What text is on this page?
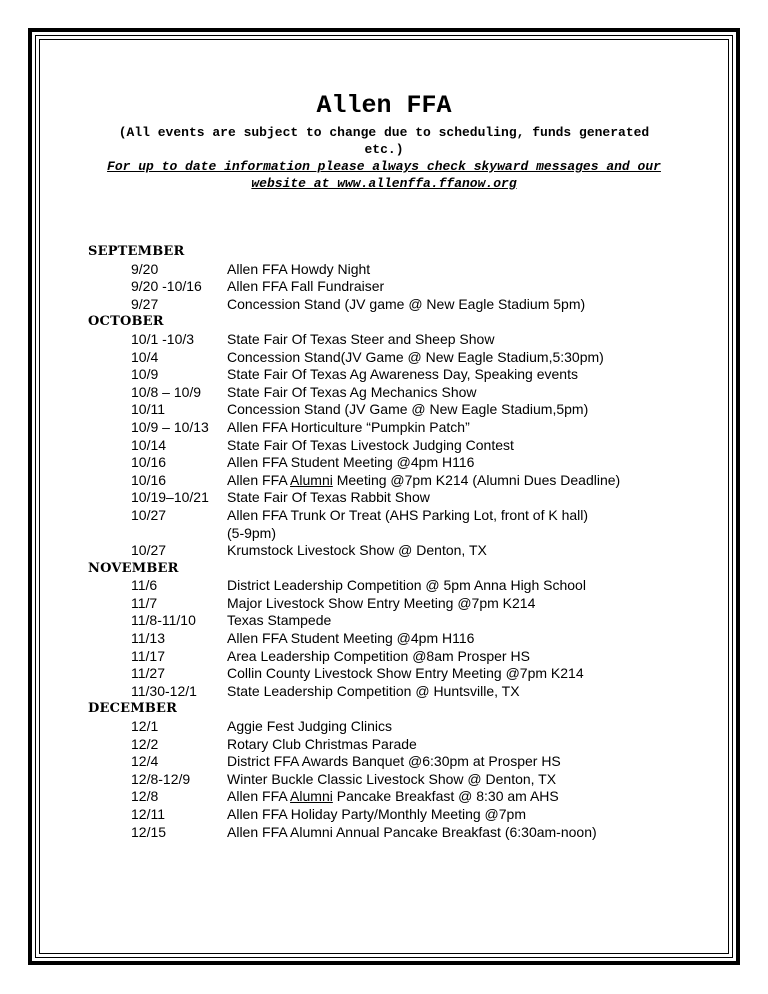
Allen FFA
(All events are subject to change due to scheduling, funds generated etc.)
For up to date information please always check skyward messages and our website at www.allenffa.ffanow.org
SEPTEMBER
9/20	Allen FFA Howdy Night
9/20 -10/16	Allen FFA Fall Fundraiser
9/27	Concession Stand (JV game @ New Eagle Stadium 5pm)
OCTOBER
10/1 -10/3	State Fair Of Texas Steer and Sheep Show
10/4	Concession Stand(JV Game @ New Eagle Stadium,5:30pm)
10/9	State Fair Of Texas Ag Awareness Day, Speaking events
10/8 – 10/9	State Fair Of Texas Ag Mechanics Show
10/11	Concession Stand (JV Game @ New Eagle Stadium,5pm)
10/9 – 10/13	Allen FFA Horticulture “Pumpkin Patch”
10/14	State Fair Of Texas Livestock Judging Contest
10/16	Allen FFA Student Meeting @4pm H116
10/16	Allen FFA Alumni Meeting @7pm K214 (Alumni Dues Deadline)
10/19–10/21	State Fair Of Texas Rabbit Show
10/27	Allen FFA Trunk Or Treat (AHS Parking Lot, front of K hall)
(5-9pm)
10/27	Krumstock Livestock Show @ Denton, TX
NOVEMBER
11/6	District Leadership Competition @ 5pm Anna High School
11/7	Major Livestock Show Entry Meeting @7pm K214
11/8-11/10	Texas Stampede
11/13	Allen FFA Student Meeting @4pm H116
11/17	Area Leadership Competition @8am Prosper HS
11/27	Collin County Livestock Show Entry Meeting @7pm K214
11/30-12/1	State Leadership Competition @ Huntsville, TX
DECEMBER
12/1	Aggie Fest Judging Clinics
12/2	Rotary Club Christmas Parade
12/4	District FFA Awards Banquet @6:30pm at Prosper HS
12/8-12/9	Winter Buckle Classic Livestock Show @ Denton, TX
12/8	Allen FFA Alumni Pancake Breakfast @ 8:30 am AHS
12/11	Allen FFA Holiday Party/Monthly Meeting @7pm
12/15	Allen FFA Alumni Annual Pancake Breakfast (6:30am-noon)
